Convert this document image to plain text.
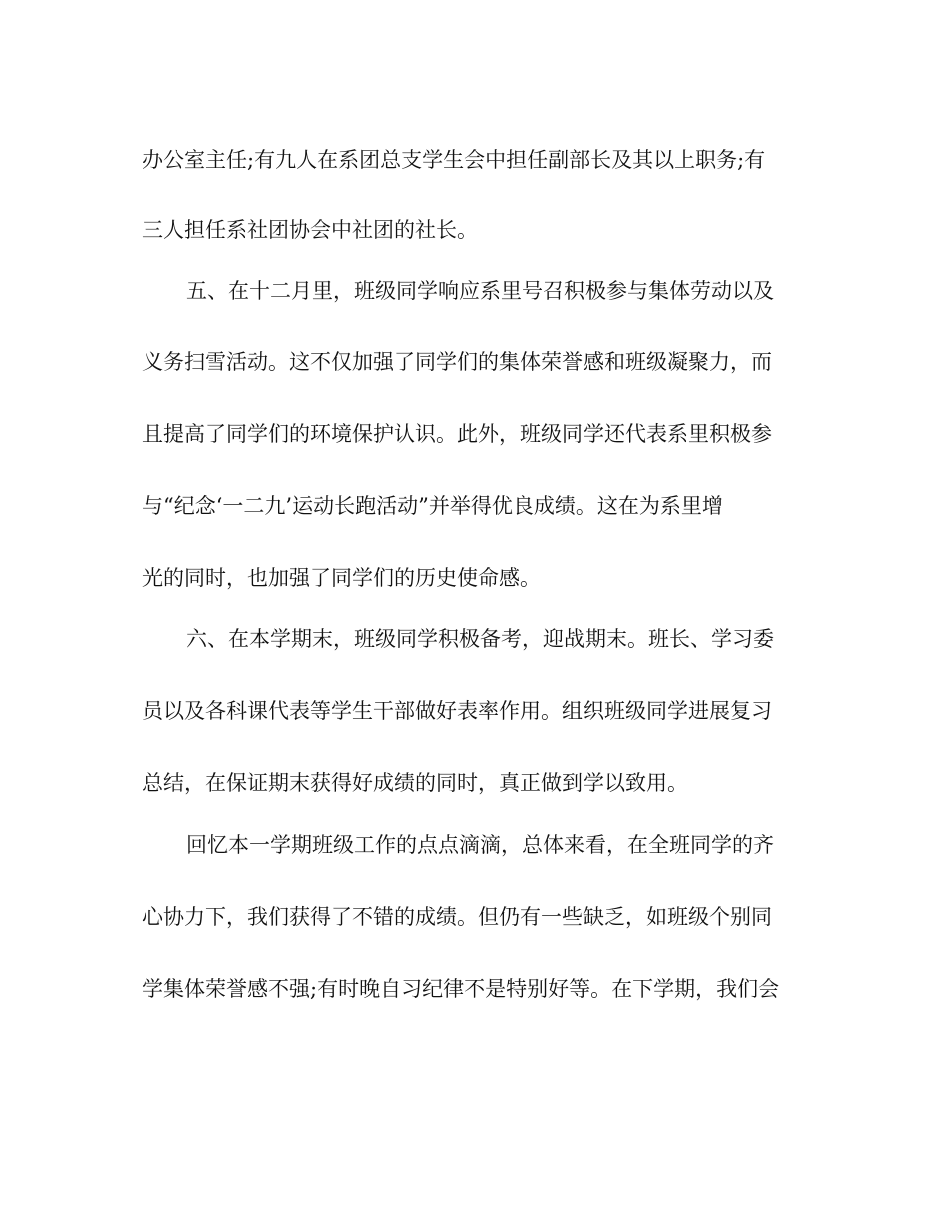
办公室主任;有九人在系团总支学生会中担任副部长及其以上职务;有
三人担任系社团协会中社团的社长。
五、在十二月里，班级同学响应系里号召积极参与集体劳动以及
义务扫雪活动。这不仅加强了同学们的集体荣誉感和班级凝聚力，而
且提高了同学们的环境保护认识。此外，班级同学还代表系里积极参
与“纪念‘一二九’运动长跑活动”并举得优良成绩。这在为系里增
光的同时，也加强了同学们的历史使命感。
六、在本学期末，班级同学积极备考，迎战期末。班长、学习委
员以及各科课代表等学生干部做好表率作用。组织班级同学进展复习
总结，在保证期末获得好成绩的同时，真正做到学以致用。
回忆本一学期班级工作的点点滴滴，总体来看，在全班同学的齐
心协力下，我们获得了不错的成绩。但仍有一些缺乏，如班级个别同
学集体荣誉感不强;有时晚自习纪律不是特别好等。在下学期，我们会
